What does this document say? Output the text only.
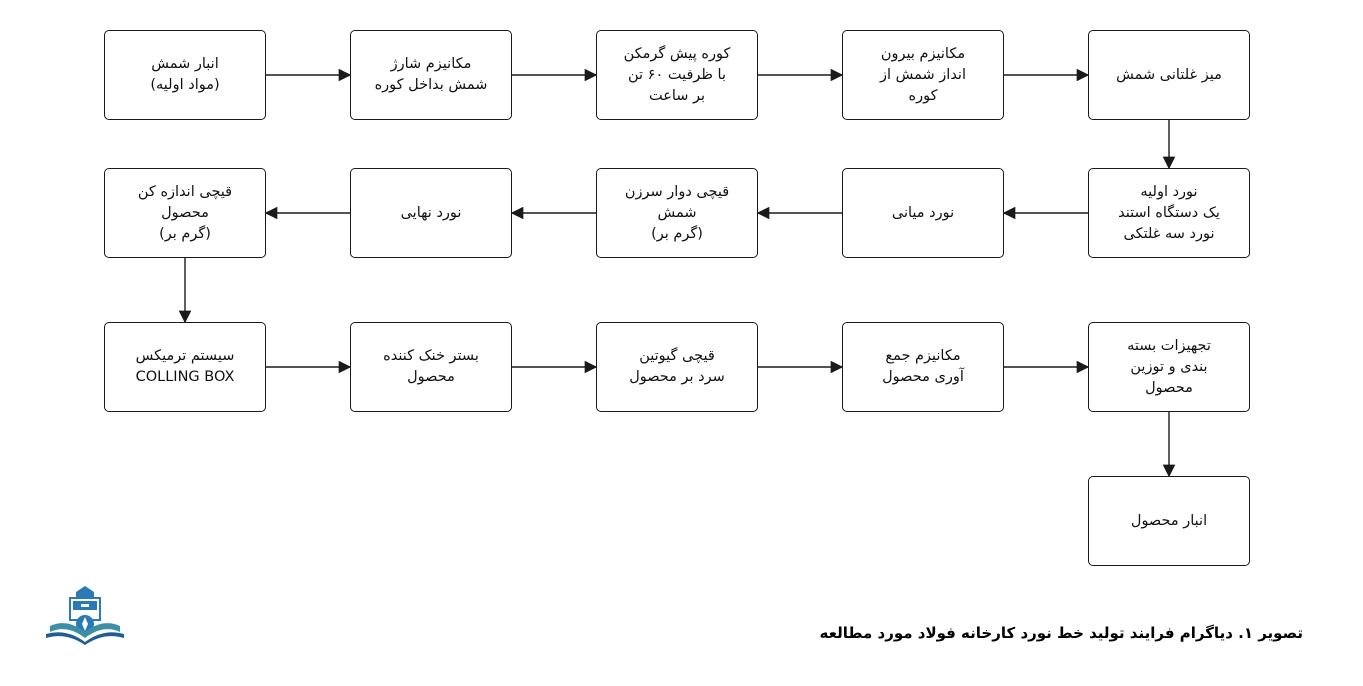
انبار شمش
(مواد اولیه)
مکانیزم شارژ
شمش بداخل کوره
کوره پیش گرمکن
با ظرفیت ۶۰ تن
بر ساعت
مکانیزم بیرون
انداز شمش از
کوره
میز غلتانی شمش
نورد اولیه
یک دستگاه استند
نورد سه غلتکی
نورد میانی
قیچی دوار سرزن
شمش
(گرم بر)
نورد نهایی
قیچی اندازه کن
محصول
(گرم بر)
سیستم ترمیکس
COLLING BOX
بستر خنک کننده
محصول
قیچی گیوتین
سرد بر محصول
مکانیزم جمع
آوری محصول
تجهیزات بسته
بندی و توزین
محصول
انبار محصول
تصویر ۱. دیاگرام فرایند تولید خط نورد کارخانه فولاد مورد مطالعه
